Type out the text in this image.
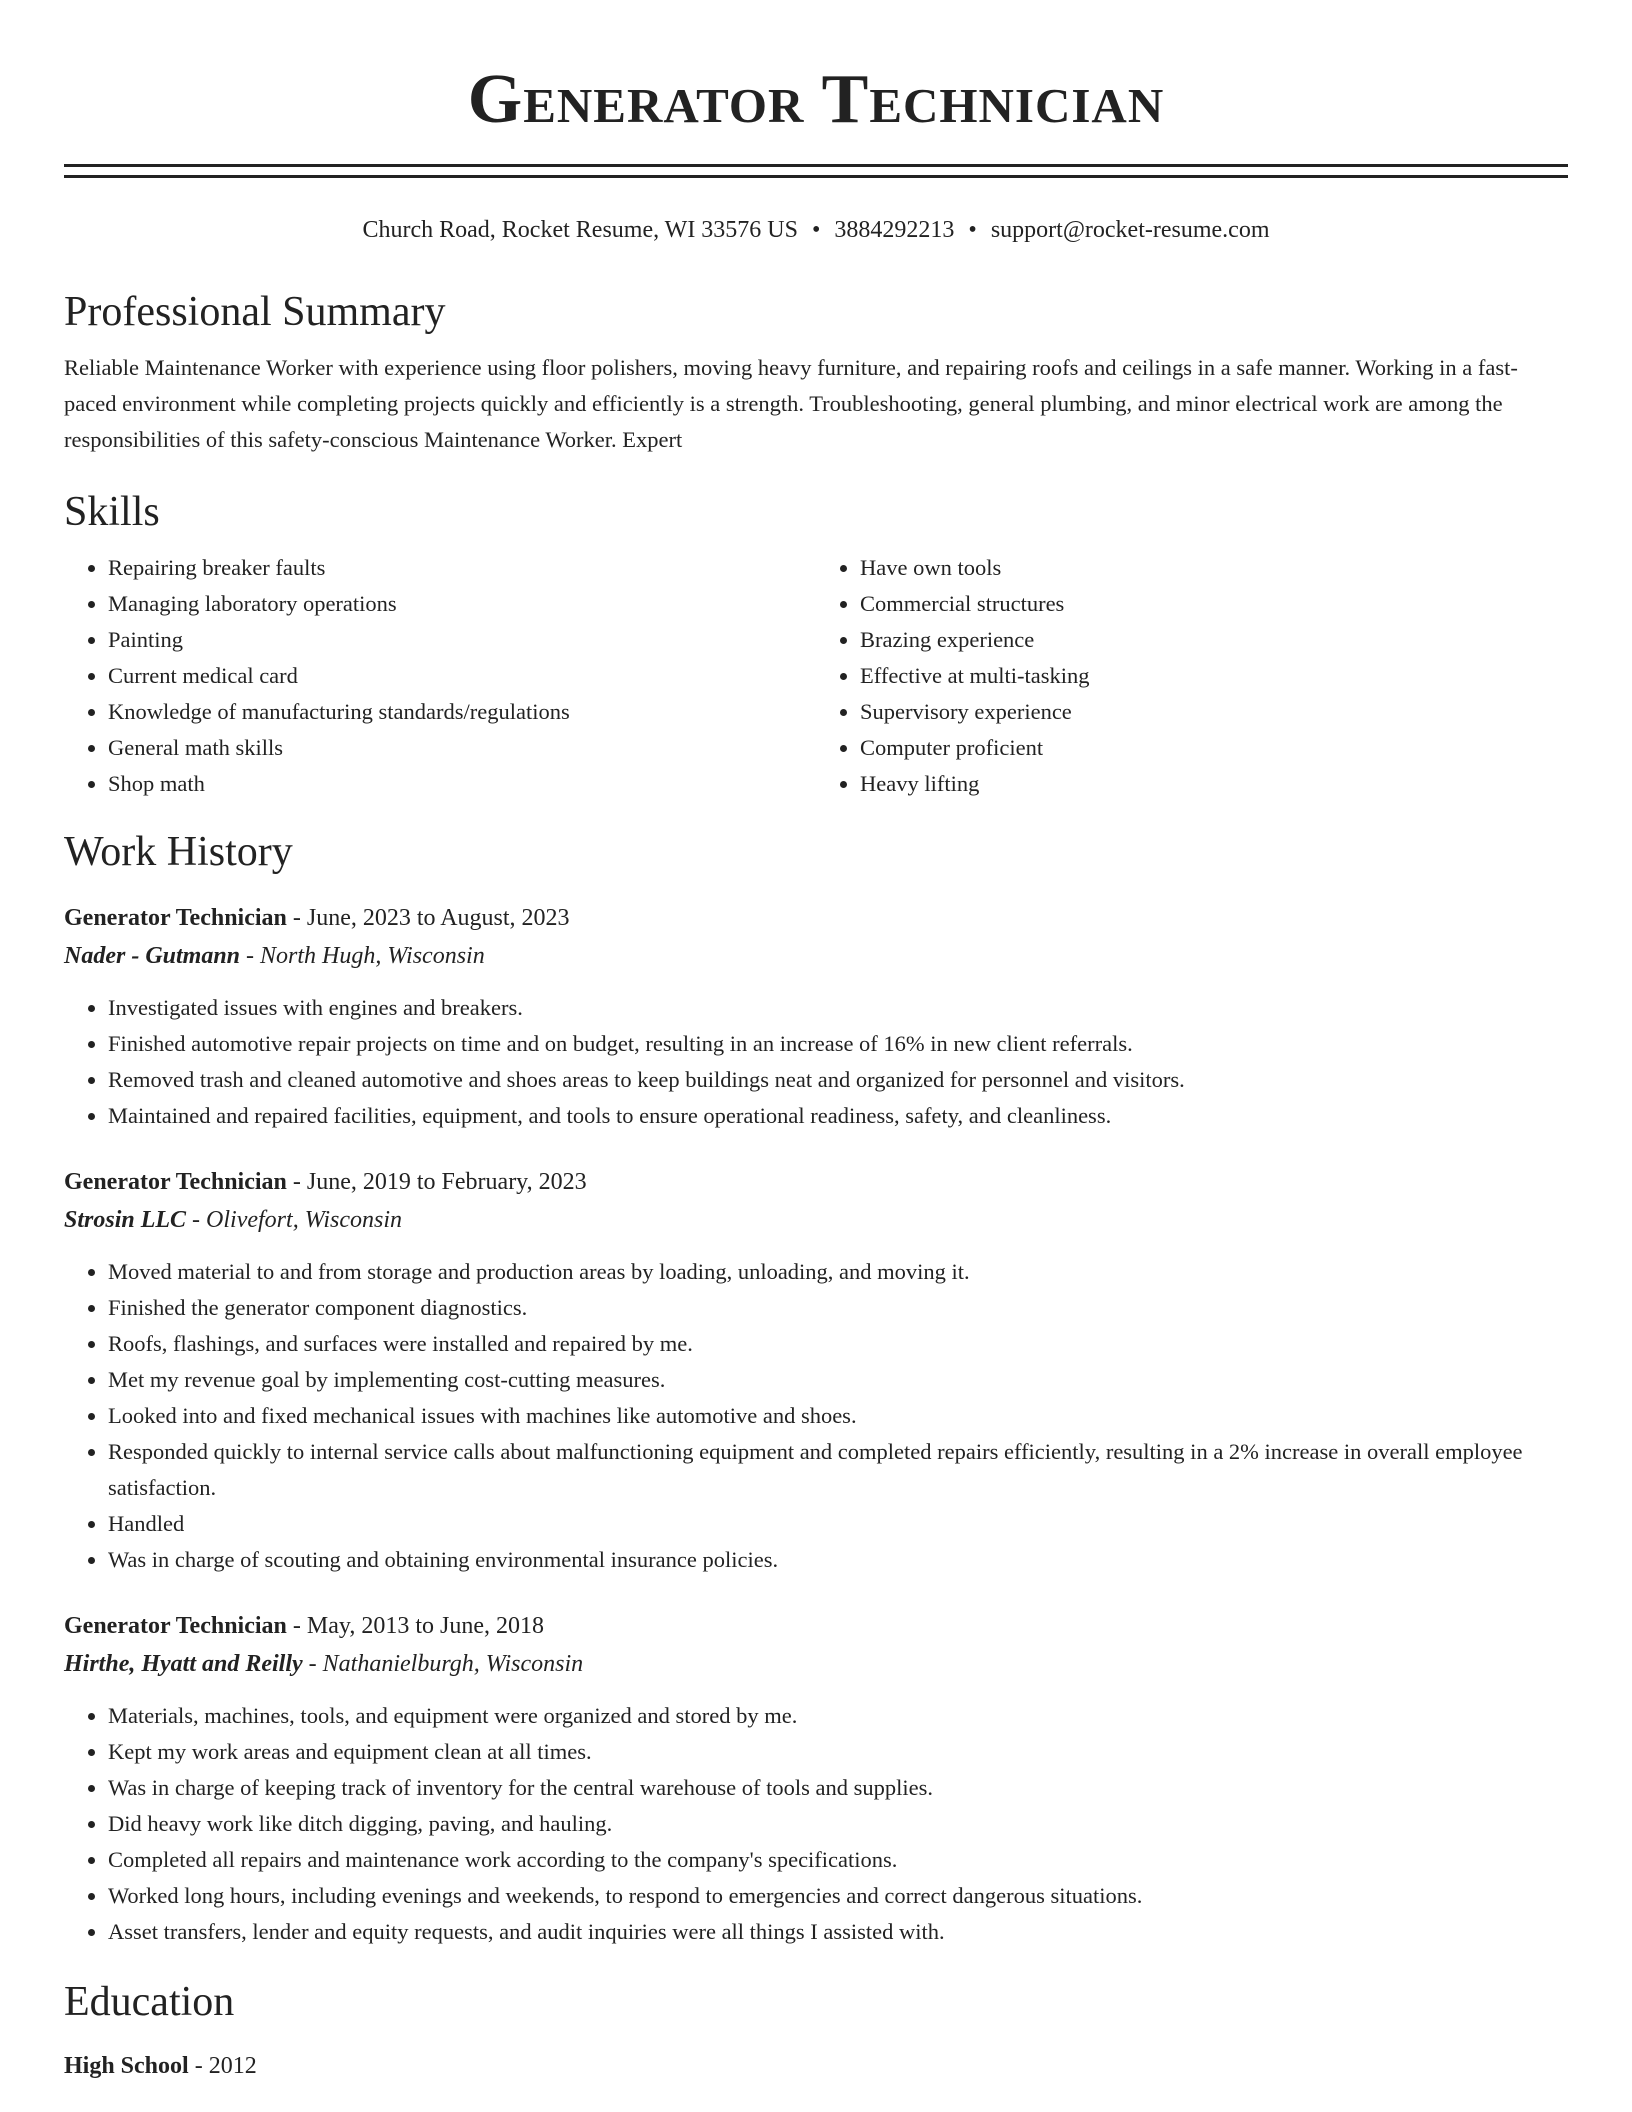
Generator Technician
Church Road, Rocket Resume, WI 33576 US • 3884292213 • support@rocket-resume.com
Professional Summary

Reliable Maintenance Worker with experience using floor polishers, moving heavy furniture, and repairing roofs and ceilings in a safe manner. Working in a fast-paced environment while completing projects quickly and efficiently is a strength. Troubleshooting, general plumbing, and minor electrical work are among the responsibilities of this safety-conscious Maintenance Worker. Expert

Skills
• Repairing breaker faults
• Managing laboratory operations
• Painting
• Current medical card
• Knowledge of manufacturing standards/regulations
• General math skills
• Shop math
• Have own tools
• Commercial structures
• Brazing experience
• Effective at multi-tasking
• Supervisory experience
• Computer proficient
• Heavy lifting
Work History
Generator Technician - June, 2023 to August, 2023
Nader - Gutmann - North Hugh, Wisconsin
• Investigated issues with engines and breakers.
• Finished automotive repair projects on time and on budget, resulting in an increase of 16% in new client referrals.
• Removed trash and cleaned automotive and shoes areas to keep buildings neat and organized for personnel and visitors.
• Maintained and repaired facilities, equipment, and tools to ensure operational readiness, safety, and cleanliness.
Generator Technician - June, 2019 to February, 2023
Strosin LLC - Olivefort, Wisconsin
• Moved material to and from storage and production areas by loading, unloading, and moving it.
• Finished the generator component diagnostics.
• Roofs, flashings, and surfaces were installed and repaired by me.
• Met my revenue goal by implementing cost-cutting measures.
• Looked into and fixed mechanical issues with machines like automotive and shoes.
• Responded quickly to internal service calls about malfunctioning equipment and completed repairs efficiently, resulting in a 2% increase in overall employee satisfaction.
• Handled
• Was in charge of scouting and obtaining environmental insurance policies.
Generator Technician - May, 2013 to June, 2018
Hirthe, Hyatt and Reilly - Nathanielburgh, Wisconsin
• Materials, machines, tools, and equipment were organized and stored by me.
• Kept my work areas and equipment clean at all times.
• Was in charge of keeping track of inventory for the central warehouse of tools and supplies.
• Did heavy work like ditch digging, paving, and hauling.
• Completed all repairs and maintenance work according to the company's specifications.
• Worked long hours, including evenings and weekends, to respond to emergencies and correct dangerous situations.
• Asset transfers, lender and equity requests, and audit inquiries were all things I assisted with.
Education
High School - 2012
